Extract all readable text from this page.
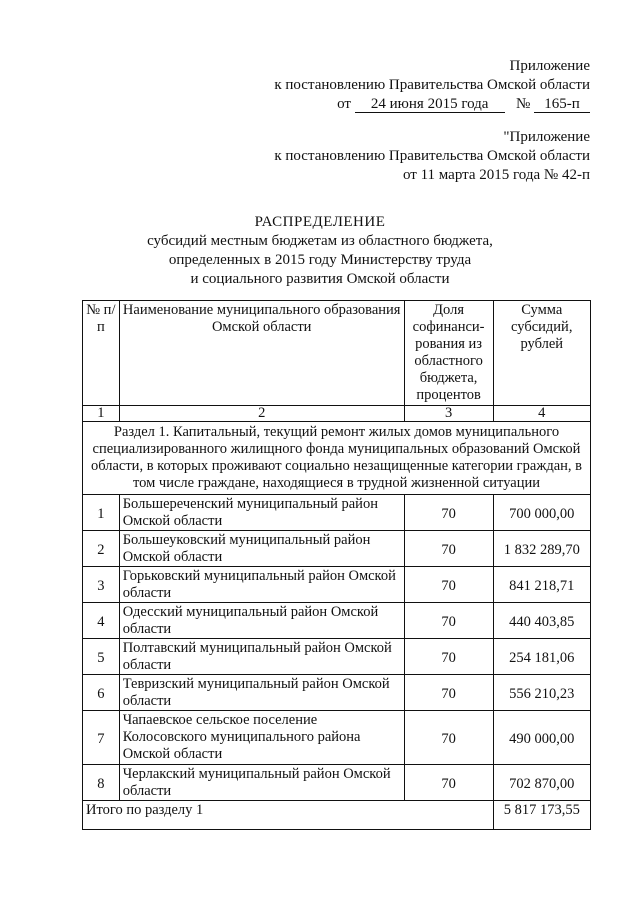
Приложение
к постановлению Правительства Омской области
от 24 июня 2015 года № 165-п
"Приложение
к постановлению Правительства Омской области
от 11 марта 2015 года № 42-п
РАСПРЕДЕЛЕНИЕ
субсидий местным бюджетам из областного бюджета,
определенных в 2015 году Министерству труда
и социального развития Омской области
№ п/п	Наименование муниципального образования Омской области	Доля софинанси-рования из областного бюджета, процентов	Сумма субсидий, рублей
1	2	3	4
Раздел 1. Капитальный, текущий ремонт жилых домов муниципального специализированного жилищного фонда муниципальных образований Омской области, в которых проживают социально незащищенные категории граждан, в том числе граждане, находящиеся в трудной жизненной ситуации			
1	Большереченский муниципальный район Омской области	70	700 000,00
2	Большеуковский муниципальный район Омской области	70	1 832 289,70
3	Горьковский муниципальный район Омской области	70	841 218,71
4	Одесский муниципальный район Омской области	70	440 403,85
5	Полтавский муниципальный район Омской области	70	254 181,06
6	Тевризский муниципальный район Омской области	70	556 210,23
7	Чапаевское сельское поселение Колосовского муниципального района Омской области	70	490 000,00
8	Черлакский муниципальный район Омской области	70	702 870,00
Итого по разделу 1			5 817 173,55
